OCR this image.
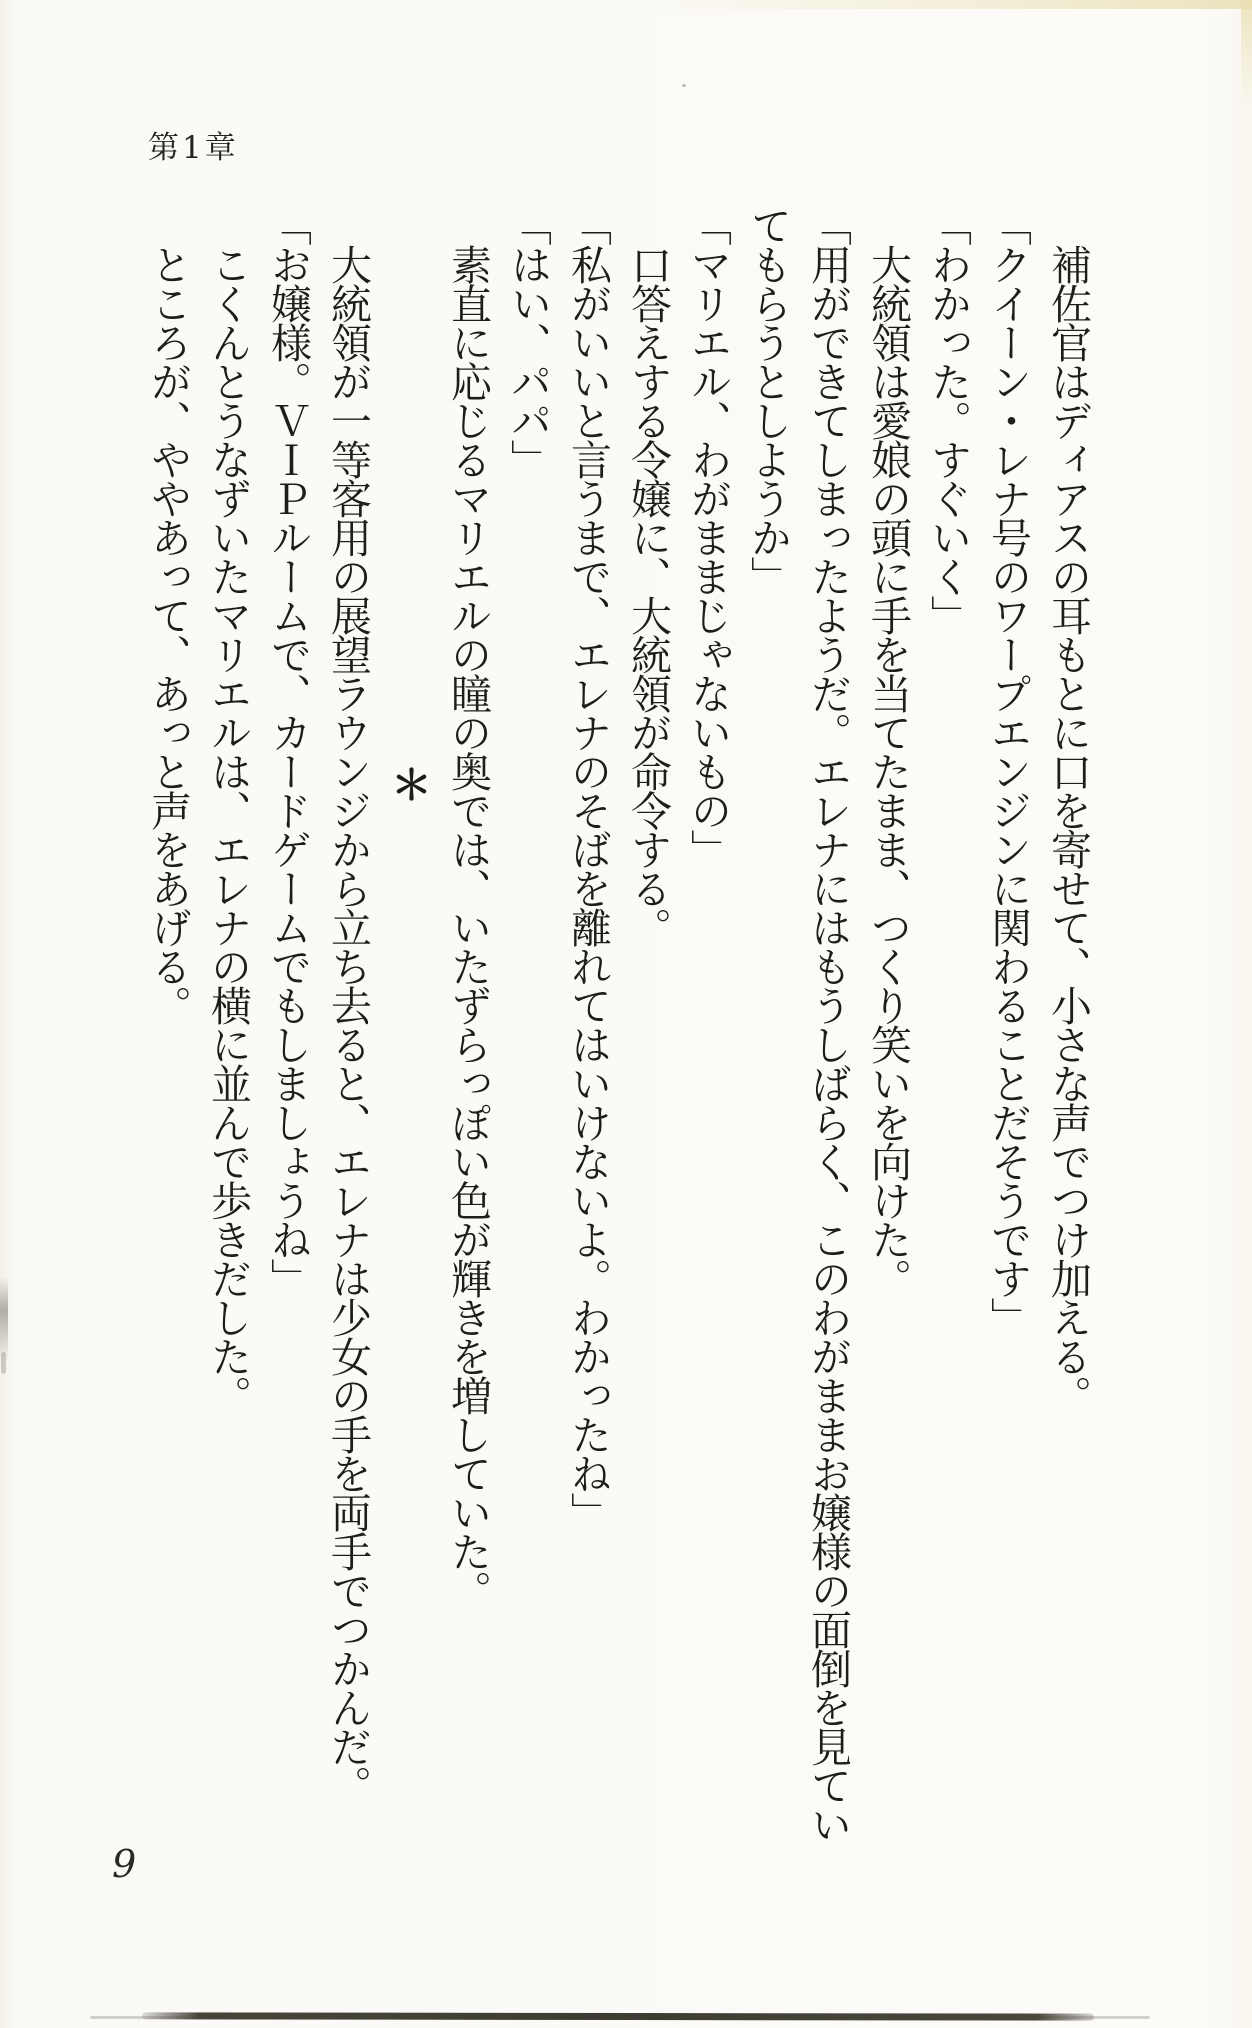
第1章

補佐官はディアスの耳もとに口を寄せて、小さな声でつけ加える。

「クイーン・レナ号のワープエンジンに関わることだそうです」

「わかった。すぐいく」

大統領は愛娘の頭に手を当てたまま、つくり笑いを向けた。

「用ができてしまったようだ。エレナにはもうしばらく、このわがままお嬢様の面倒を見てい

てもらうとしようか」

「マリエル、わがままじゃないもの」

口答えする令嬢に、大統領が命令する。

「私がいいと言うまで、エレナのそばを離れてはいけないよ。わかったね」

「はい、パパ」

素直に応じるマリエルの瞳の奥では、いたずらっぽい色が輝きを増していた。

＊

大統領が一等客用の展望ラウンジから立ち去ると、エレナは少女の手を両手でつかんだ。

「お嬢様。ＶＩＰルームで、カードゲームでもしましょうね」

こくんとうなずいたマリエルは、エレナの横に並んで歩きだした。

ところが、ややあって、あっと声をあげる。

9
